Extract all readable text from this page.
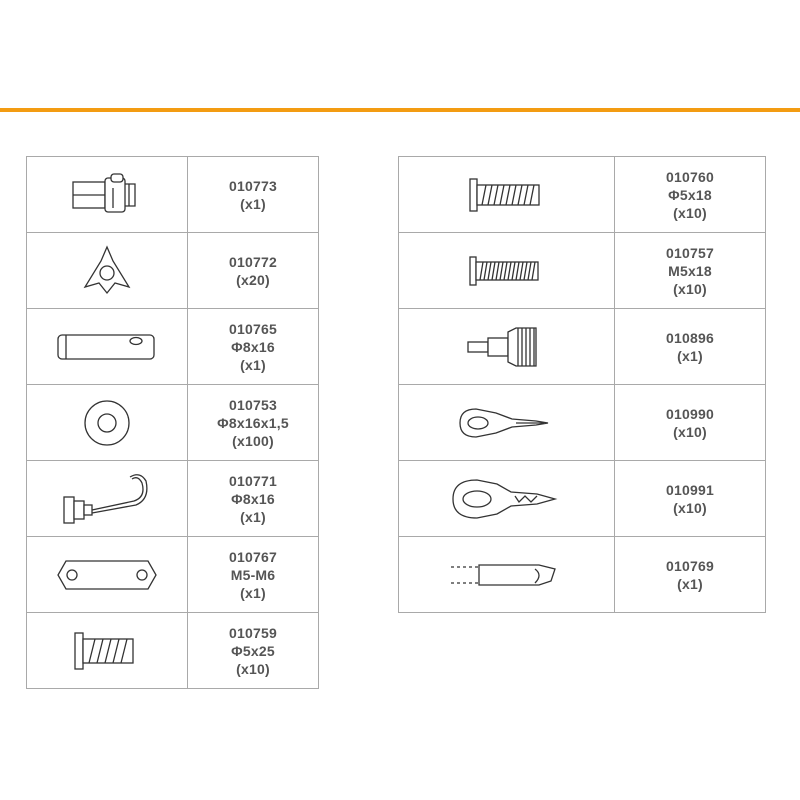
010773
(x1)

010772
(x20)

010765
Φ8x16
(x1)

010753
Φ8x16x1,5
(x100)

010771
Φ8x16
(x1)

010767
M5-M6
(x1)

010759
Φ5x25
(x10)

010760
Φ5x18
(x10)

010757
M5x18
(x10)

010896
(x1)

010990
(x10)

010991
(x10)

010769
(x1)
